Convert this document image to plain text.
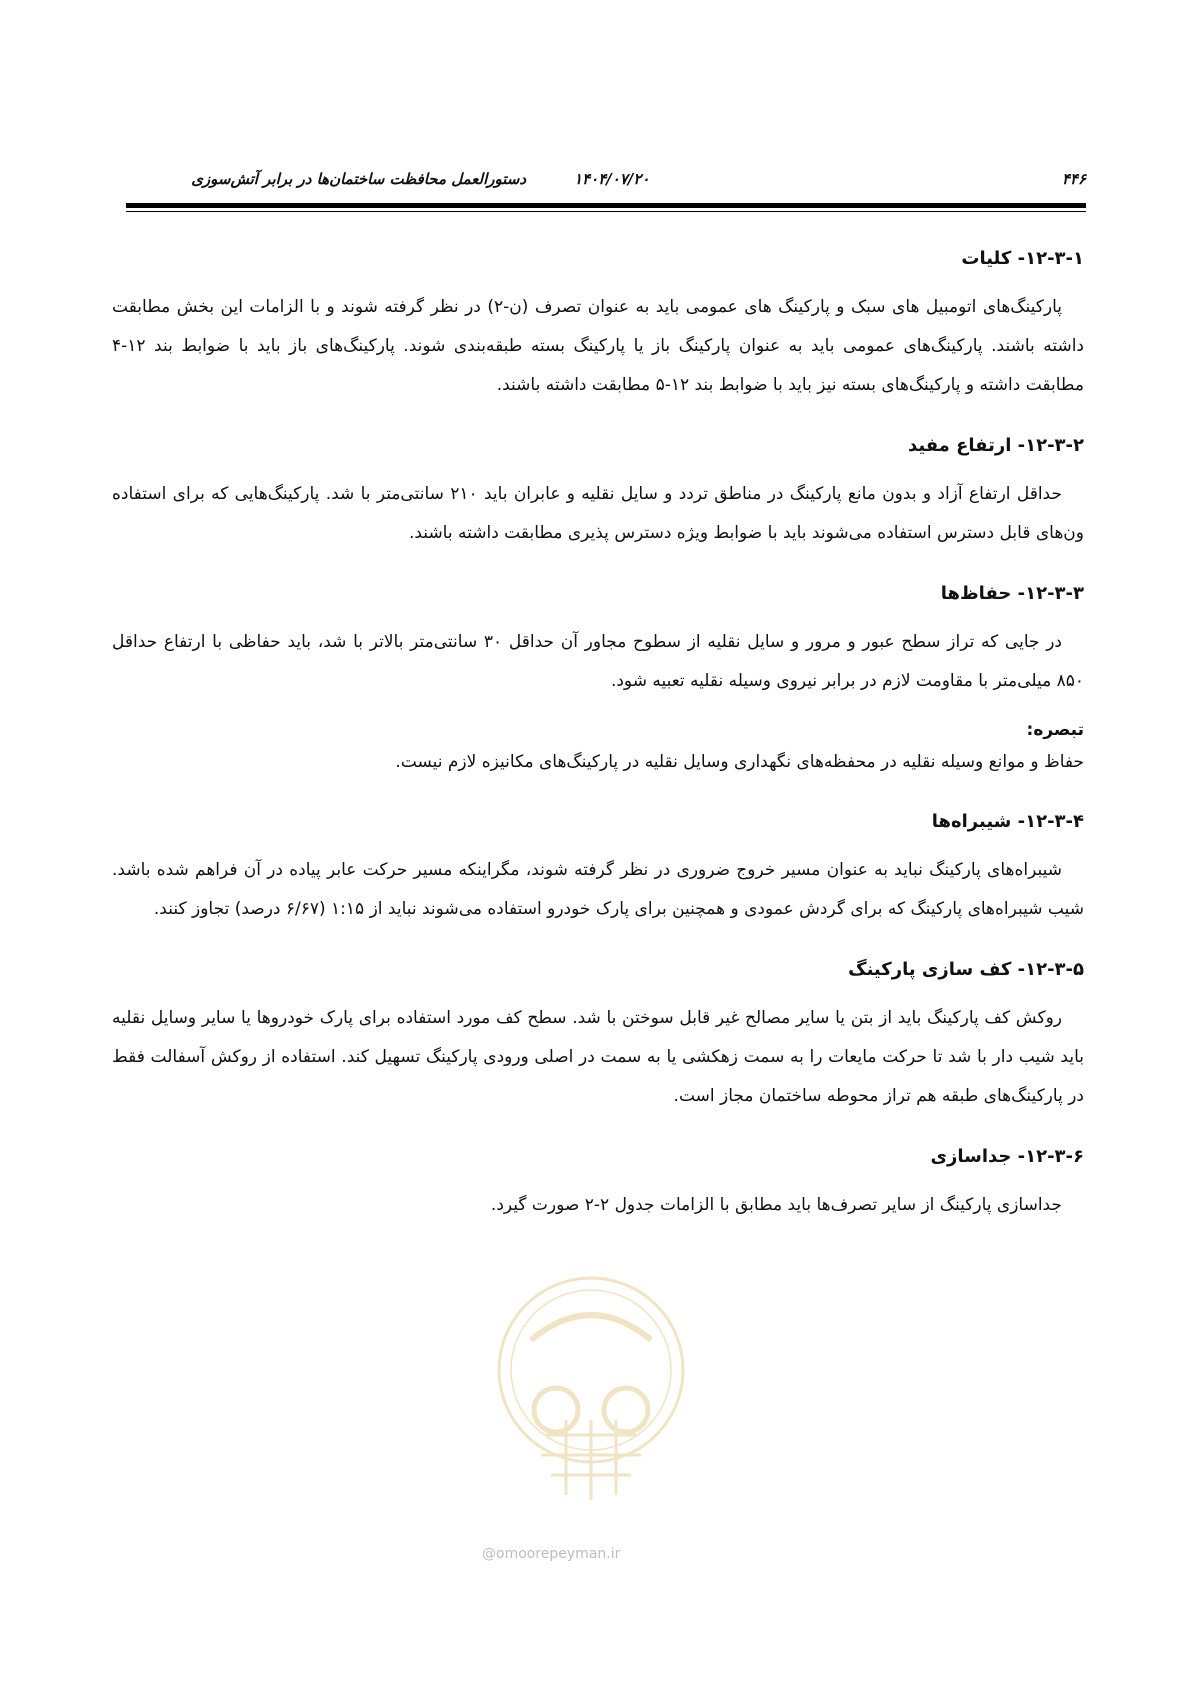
دستورالعمل محافظت ساختمان‌ها در برابر آتش‌سوزی	۱۴۰۴/۰۷/۲۰	۴۴۶
۱۲-۳-۱- کلیات

پارکینگ‌های اتومبیل های سبک و پارکینگ های عمومی باید به عنوان تصرف (ن-۲) در نظر گرفته شوند و با الزامات این بخش مطابقت داشته باشند. پارکینگ‌های عمومی باید به عنوان پارکینگ باز یا پارکینگ بسته طبقه‌بندی شوند. پارکینگ‌های باز باید با ضوابط بند ۱۲-۴ مطابقت داشته و پارکینگ‌های بسته نیز باید با ضوابط بند ۱۲-۵ مطابقت داشته باشند.

۱۲-۳-۲- ارتفاع مفید

حداقل ارتفاع آزاد و بدون مانع پارکینگ در مناطق تردد و سایل نقلیه و عابران باید ۲۱۰ سانتی‌متر با شد. پارکینگ‌هایی که برای استفاده ون‌های قابل دسترس استفاده می‌شوند باید با ضوابط ویژه دسترس پذیری مطابقت داشته باشند.

۱۲-۳-۳- حفاظ‌ها

در جایی که تراز سطح عبور و مرور و سایل نقلیه از سطوح مجاور آن حداقل ۳۰ سانتی‌متر بالاتر با شد، باید حفاظی با ارتفاع حداقل ۸۵۰ میلی‌متر با مقاومت لازم در برابر نیروی وسیله نقلیه تعبیه شود.

تبصره:

حفاظ و موانع وسیله نقلیه در محفظه‌های نگهداری وسایل نقلیه در پارکینگ‌های مکانیزه لازم نیست.

۱۲-۳-۴- شیبراه‌ها

شیبراه‌های پارکینگ نباید به عنوان مسیر خروج ضروری در نظر گرفته شوند، مگراینکه مسیر حرکت عابر پیاده در آن فراهم شده باشد. شیب شیبراه‌های پارکینگ که برای گردش عمودی و همچنین برای پارک خودرو استفاده می‌شوند نباید از ۱:۱۵ (۶/۶۷ درصد) تجاوز کنند.

۱۲-۳-۵- کف سازی پارکینگ

روکش کف پارکینگ باید از بتن یا سایر مصالح غیر قابل سوختن با شد. سطح کف مورد استفاده برای پارک خودروها یا سایر وسایل نقلیه باید شیب دار با شد تا حرکت مایعات را به سمت زهکشی یا به سمت در اصلی ورودی پارکینگ تسهیل کند. استفاده از روکش آسفالت فقط در پارکینگ‌های طبقه هم تراز محوطه ساختمان مجاز است.

۱۲-۳-۶- جداسازی

جداسازی پارکینگ از سایر تصرف‌ها باید مطابق با الزامات جدول ۲-۲ صورت گیرد.

@omoorepeyman.ir
